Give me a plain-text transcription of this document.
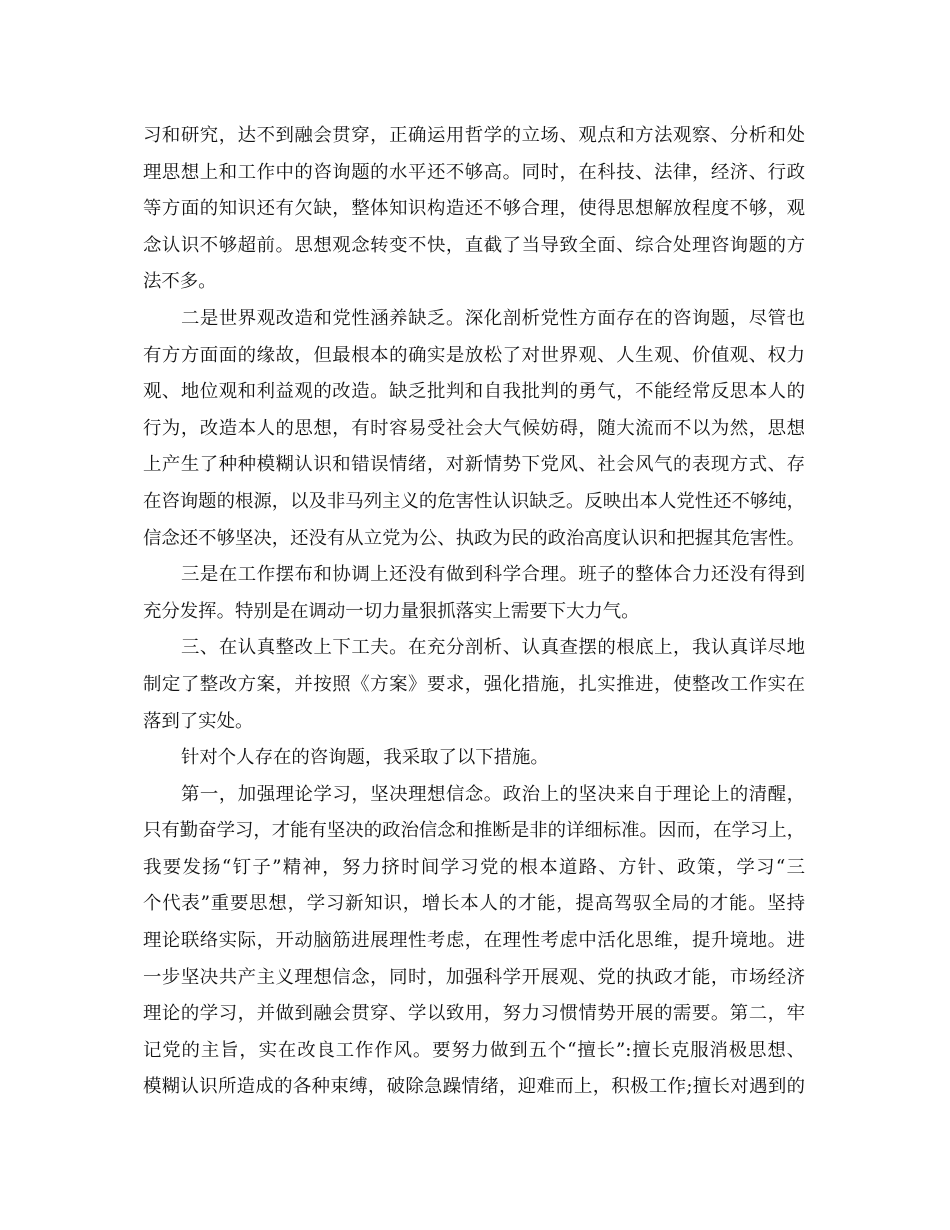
习和研究，达不到融会贯穿，正确运用哲学的立场、观点和方法观察、分析和处
理思想上和工作中的咨询题的水平还不够高。同时，在科技、法律，经济、行政
等方面的知识还有欠缺，整体知识构造还不够合理，使得思想解放程度不够，观
念认识不够超前。思想观念转变不快，直截了当导致全面、综合处理咨询题的方
法不多。
二是世界观改造和党性涵养缺乏。深化剖析党性方面存在的咨询题，尽管也
有方方面面的缘故，但最根本的确实是放松了对世界观、人生观、价值观、权力
观、地位观和利益观的改造。缺乏批判和自我批判的勇气，不能经常反思本人的
行为，改造本人的思想，有时容易受社会大气候妨碍，随大流而不以为然，思想
上产生了种种模糊认识和错误情绪，对新情势下党风、社会风气的表现方式、存
在咨询题的根源，以及非马列主义的危害性认识缺乏。反映出本人党性还不够纯，
信念还不够坚决，还没有从立党为公、执政为民的政治高度认识和把握其危害性。
三是在工作摆布和协调上还没有做到科学合理。班子的整体合力还没有得到
充分发挥。特别是在调动一切力量狠抓落实上需要下大力气。
三、在认真整改上下工夫。在充分剖析、认真查摆的根底上，我认真详尽地
制定了整改方案，并按照《方案》要求，强化措施，扎实推进，使整改工作实在
落到了实处。
针对个人存在的咨询题，我采取了以下措施。
第一，加强理论学习，坚决理想信念。政治上的坚决来自于理论上的清醒，
只有勤奋学习，才能有坚决的政治信念和推断是非的详细标准。因而，在学习上，
我要发扬“钉子”精神，努力挤时间学习党的根本道路、方针、政策，学习“三
个代表”重要思想，学习新知识，增长本人的才能，提高驾驭全局的才能。坚持
理论联络实际，开动脑筋进展理性考虑，在理性考虑中活化思维，提升境地。进
一步坚决共产主义理想信念，同时，加强科学开展观、党的执政才能，市场经济
理论的学习，并做到融会贯穿、学以致用，努力习惯情势开展的需要。第二，牢
记党的主旨，实在改良工作作风。要努力做到五个“擅长”:擅长克服消极思想、
模糊认识所造成的各种束缚，破除急躁情绪，迎难而上，积极工作;擅长对遇到的
